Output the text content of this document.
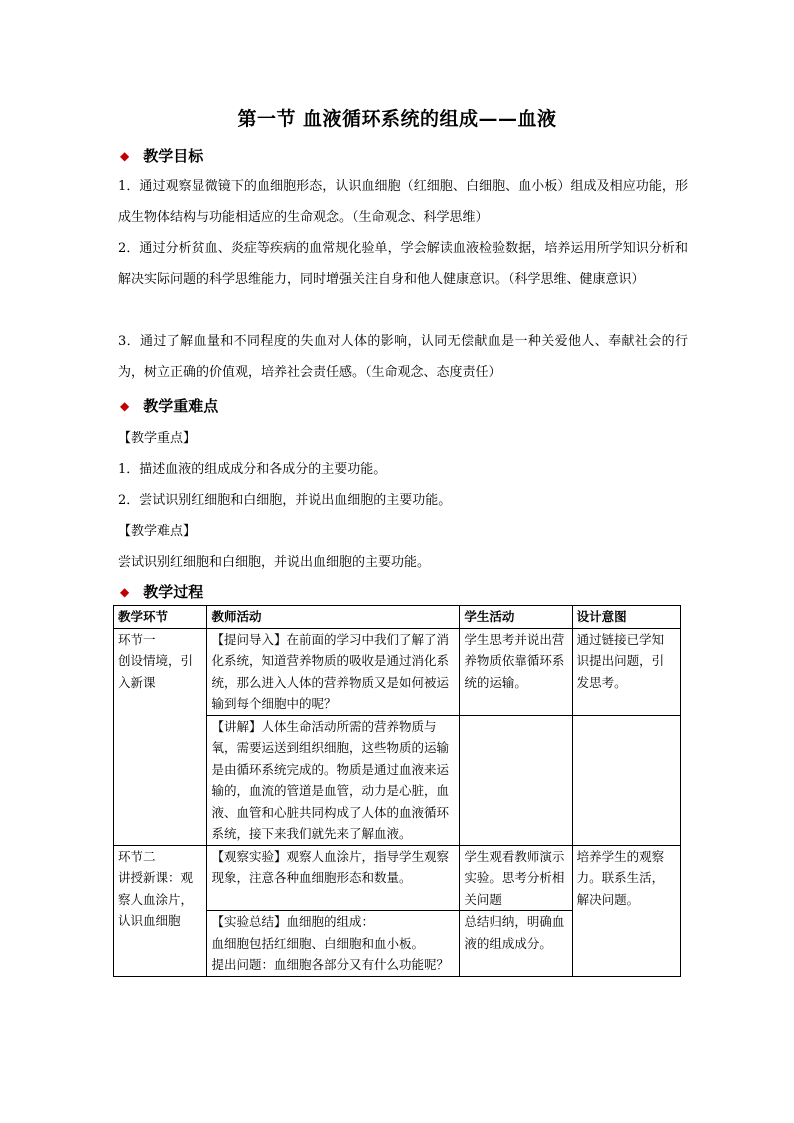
第一节 血液循环系统的组成——血液
◆ 教学目标
1．通过观察显微镜下的血细胞形态，认识血细胞（红细胞、白细胞、血小板）组成及相应功能，形成生物体结构与功能相适应的生命观念。（生命观念、科学思维）
2．通过分析贫血、炎症等疾病的血常规化验单，学会解读血液检验数据，培养运用所学知识分析和解决实际问题的科学思维能力，同时增强关注自身和他人健康意识。（科学思维、健康意识）
3．通过了解血量和不同程度的失血对人体的影响，认同无偿献血是一种关爱他人、奉献社会的行为，树立正确的价值观，培养社会责任感。（生命观念、态度责任）
◆ 教学重难点
【教学重点】
1．描述血液的组成成分和各成分的主要功能。
2．尝试识别红细胞和白细胞，并说出血细胞的主要功能。
【教学难点】
尝试识别红细胞和白细胞，并说出血细胞的主要功能。
◆ 教学过程
教学环节	教师活动	学生活动	设计意图

环节一
创设情境，引入新课	【提问导入】在前面的学习中我们了解了消化系统，知道营养物质的吸收是通过消化系统，那么进入人体的营养物质又是如何被运输到每个细胞中的呢？	学生思考并说出营养物质依靠循环系统的运输。	通过链接已学知识提出问题，引发思考。

	【讲解】人体生命活动所需的营养物质与氧，需要运送到组织细胞，这些物质的运输是由循环系统完成的。物质是通过血液来运输的，血流的管道是血管，动力是心脏，血液、血管和心脏共同构成了人体的血液循环系统，接下来我们就先来了解血液。		

环节二
讲授新课：观察人血涂片，认识血细胞	【观察实验】观察人血涂片，指导学生观察现象，注意各种血细胞形态和数量。	学生观看教师演示实验。思考分析相关问题	培养学生的观察力。联系生活，解决问题。

	【实验总结】血细胞的组成：
血细胞包括红细胞、白细胞和血小板。
提出问题：血细胞各部分又有什么功能呢？	总结归纳，明确血液的组成成分。	
